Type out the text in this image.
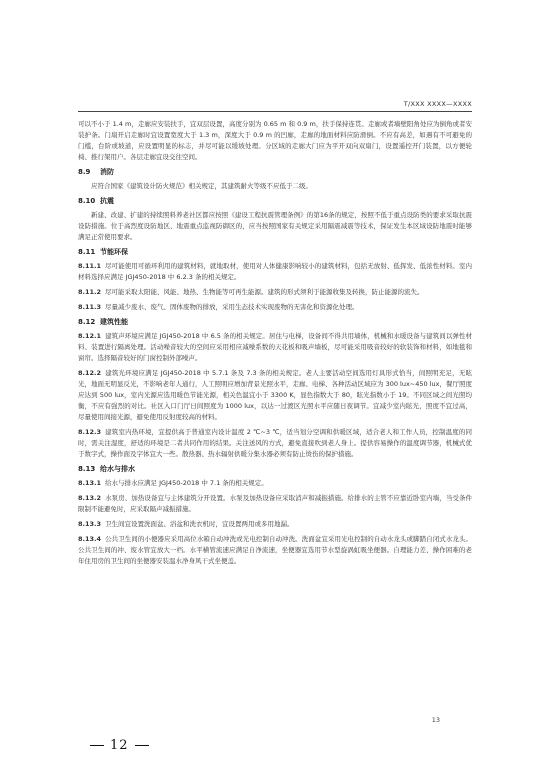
T/XXX XXXX—XXXX

可以不小于 1.4 m，走廊应安装扶手，宜双层设置，高度分别为 0.65 m 和 0.9 m，扶手保持连贯。走廊或者墙壁阳角处应为倒角或者安装护条。门扇开启走廊时宜设置宽度大于 1.3 m，深度大于 0.9 m 的凹廊，走廊的地面材料应防滑倒。不应有高差，如遇有不可避免的门槛，台阶或坡道，应设置明显的标志，并尽可能以缓坡处理。分区域的走廊大门应为平开双向双扇门，设置遥控开门装置，以方便轮椅、推行架用户。各层走廊宜设交往空间。

8.9 消防

应符合国家《建筑设计防火规范》相关规定，其建筑耐火等级不应低于二级。

8.10 抗震

新建、改建、扩建的持续照料养老社区都应按照《建设工程抗震管理条例》的第16条的规定，按照不低于重点设防类的要求采取抗震设防措施。位于高烈度设防地区、地震重点监视防御区的，应当按照国家有关规定采用隔震减震等技术，保证发生本区域设防地震时能够满足正常使用要求。

8.11 节能环保

8.11.1 尽可能使用可循环利用的建筑材料，就地取材，使用对人体健康影响较小的建筑材料，包括无放射、低挥发、低浓性材料。室内材料选择应满足 JGJ450-2018 中 6.2.3 条的相关规定。

8.11.2 尽可能采取太阳能、风能、地热、生物能等可再生能源。建筑的形式须利于能源收集及转换，防止能源的流失。

8.11.3 尽量减少废水、废气、固体废物的排放，采用生态技术实现废物的无害化和资源化处理。

8.12 建筑性能

8.12.1 建筑声环境应满足 JGJ450-2018 中 6.5 条的相关规定。居住与电梯，设备间不得共用墙体，机械和水暖设备与建筑间以弹性材料、装置进行隔离处理。活动噪音较大的空间应采用相应减噪系数的天花板和吸声墙板，尽可能采用吸音较好的软装饰和材料，如地毯和窗帘。选择隔音较好的门窗控制外部噪声。

8.12.2 建筑光环境应满足 JGJ450-2018 中 5.7.1 条及 7.3 条的相关规定。老人主要活动空间选用灯具形式恰当，间照明充足，无眩光，地面无明显反光，不影响老年人通行，人工照明应增加背景光照水平，走廊、电梯、各种活动区域应为 300 lux~450 lux，餐厅照度应达到 500 lux，室内光源应选用暖色节能光源，相关色温宜小于 3300 K，显色指数大于 80，眩光指数小于 19。不同区域之间光照均衡，不应有强烈的对比。社区入口门厅日间照度为 1000 lux，以达一过渡区光照水平应随日夜调节。宜减少室内眩光，照度不宜过高，尽量使用间接光源，避免使用反射度较高的材料。

8.12.3 建筑室内热环境，宜提供高于普通室内设计温度 2 ℃~3 ℃，适当划分空调和供暖区域，适合老人和工作人员，控制温度的同时，需关注湿度，舒适的环境是二者共同作用的结果。关注送风的方式，避免直接吹到老人身上。提供容易操作的温度调节器，机械式优于数字式，操作面及字体宜大一些。散热器、热水辐射供暖分集水器必须有防止烫伤的保护措施。

8.13 给水与排水

8.13.1 给水与排水应满足 JGJ450-2018 中 7.1 条的相关规定。

8.13.2 水泵房、加热设备宜与主体建筑分开设置。水泵及加热设备应采取消声和减振措施。给排水的主管不应靠近卧室内墙，当受条件限制不能避免时，应采取隔声减振措施。

8.13.3 卫生间宜设置洗面盆、浴盆和洗衣机时，宜设置两用或多用地漏。

8.13.4 公共卫生间的小便器应采用高位水箱自动冲洗或光电控制自动冲洗。洗面盆宜采用光电控制的自动水龙头或脚踏自闭式水龙头。公共卫生间的冲、废水管宜放大一档。水平横管流速应满足自净流速，坐便器宜选用节水型旋涡虹吸坐便器。自理能力差、操作困难的老年住用房的卫生间的坐便器安装温水净身风干式坐便盖。

13
12
